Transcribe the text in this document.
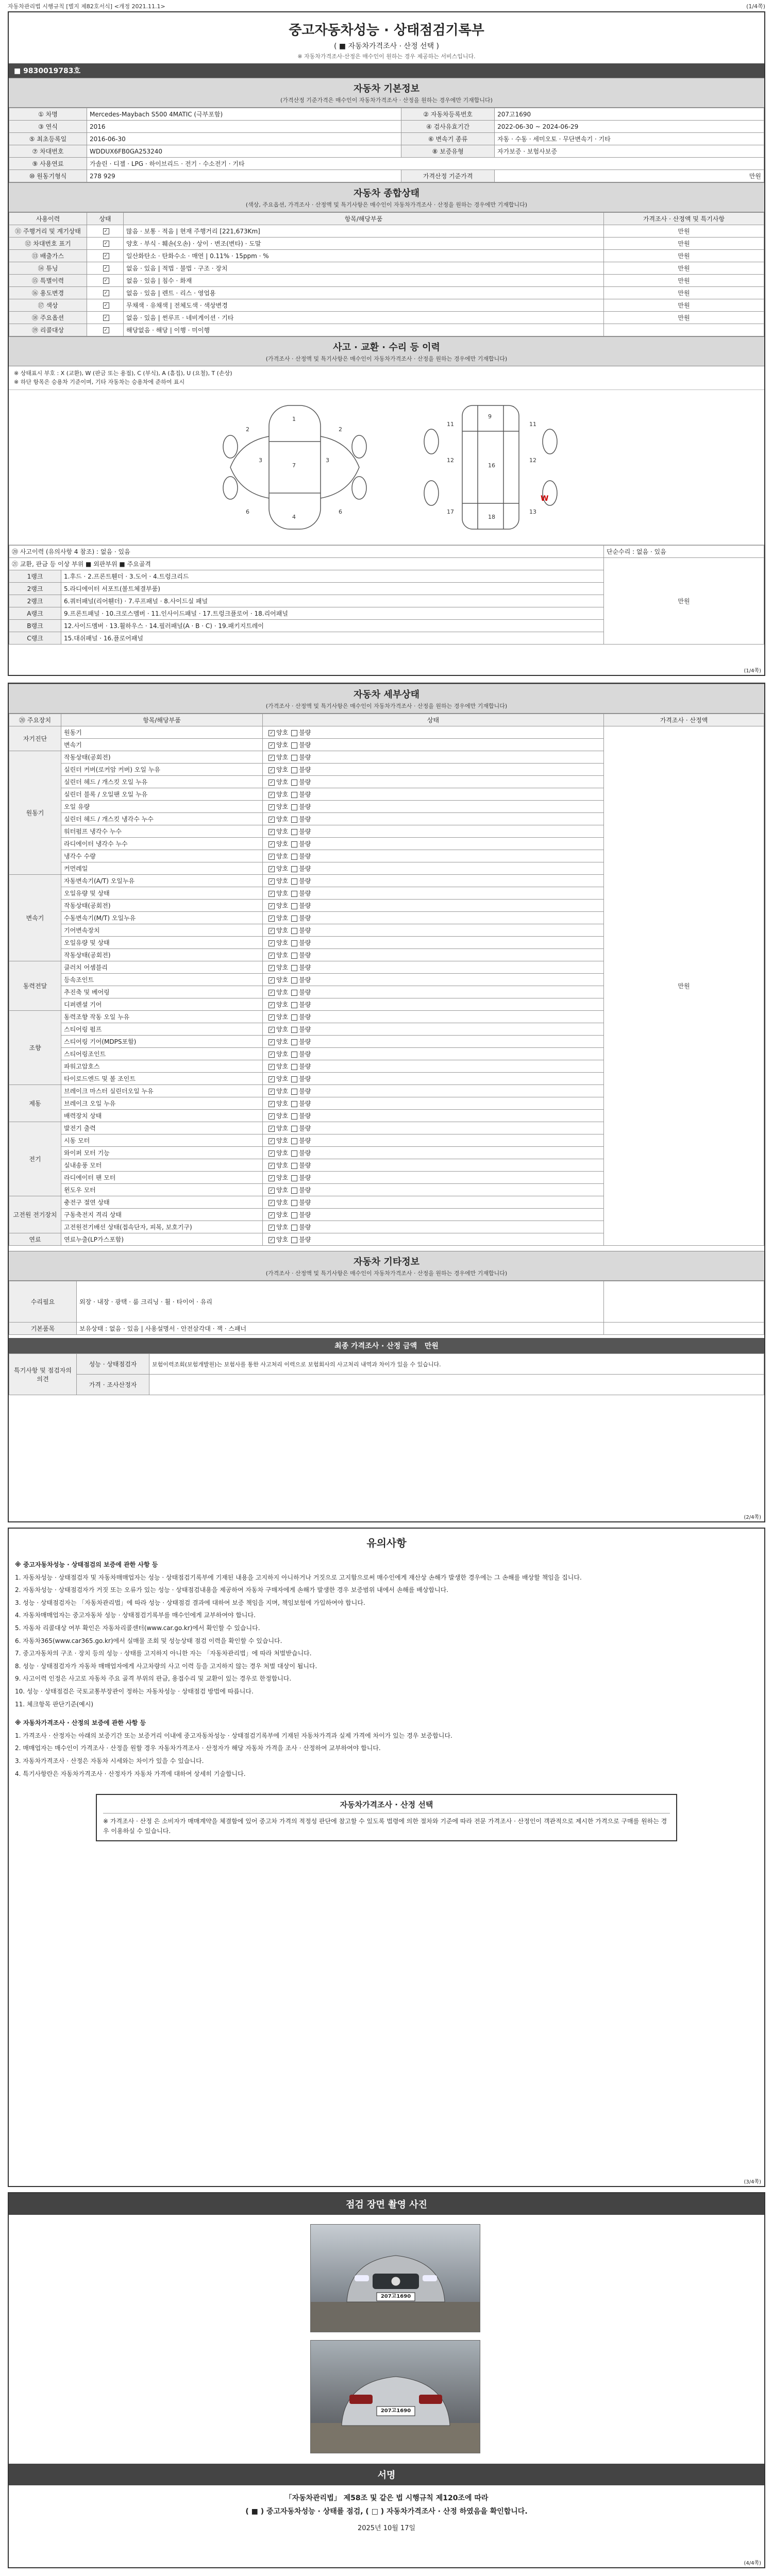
자동차관리법 시행규칙 [별지 제82호서식] <개정 2021.11.1>	(1/4쪽)
중고자동차성능 · 상태점검기록부
( ■ 자동차가격조사 · 산정 선택 )
※ 자동차가격조사·산정은 매수인이 원하는 경우 제공하는 서비스입니다.
■ 9830019783호
자동차 기본정보
(가격산정 기준가격은 매수인이 자동차가격조사 · 산정을 원하는 경우에만 기재합니다)
① 차명	Mercedes-Maybach S500 4MATIC (극부포함)	② 자동차등록번호	207고1690
③ 연식	2016	④ 검사유효기간	2022-06-30 ~ 2024-06-29
⑤ 최초등록일	2016-06-30	⑥ 변속기 종류	자동 · 수동 · 세미오토 · 무단변속기 · 기타
⑦ 차대번호	WDDUX6FB0GA253240	⑧ 보증유형	자가보증 · 보험사보증
⑨ 사용연료	가솔린 · 디젤 · LPG · 하이브리드 · 전기 · 수소전기 · 기타		
⑩ 원동기형식	278 929	가격산정 기준가격	만원
자동차 종합상태
(색상, 주요옵션, 가격조사 · 산정액 및 특기사항은 매수인이 자동차가격조사 · 산정을 원하는 경우에만 기재합니다)
사용이력	상태	항목/해당부품	가격조사 · 산정액 및 특기사항
⑪ 주행거리 및 계기상태	✓	많음 · 보통 · 적음 | 현재 주행거리 [221,673Km]	만원
⑫ 차대번호 표기	✓	양호 · 부식 · 훼손(오손) · 상이 · 변조(변타) · 도말	만원
⑬ 배출가스	✓	일산화탄소 · 탄화수소 · 매연 | 0.11% · 15ppm · %	만원
⑭ 튜닝	✓	없음 · 있음 | 적법 · 불법 · 구조 · 장치	만원
⑮ 특별이력	✓	없음 · 있음 | 침수 · 화재	만원
⑯ 용도변경	✓	없음 · 있음 | 렌트 · 리스 · 영업용	만원
⑰ 색상	✓	무채색 · 유채색 | 전체도색 · 색상변경	만원
⑱ 주요옵션	✓	없음 · 있음 | 썬루프 · 네비게이션 · 기타	만원
⑲ 리콜대상	✓	해당없음 · 해당 | 이행 · 미이행	
사고 · 교환 · 수리 등 이력
(가격조사 · 산정액 및 특기사항은 매수인이 자동차가격조사 · 산정을 원하는 경우에만 기재합니다)
※ 상태표시 부호 : X (교환), W (판금 또는 용접), C (부식), A (흠집), U (요철), T (손상)
※ 하단 항목은 승용차 기준이며, 기타 자동차는 승용차에 준하여 표시
1
2	2
3	3
7
4
6	6
9
11	11
16
12	12
18
17	13
W
⑳ 사고이력 (유의사항 4 참조) : 없음 · 있음		단순수리 : 없음 · 있음
㉑ 교환, 판금 등 이상 부위 ■ 외판부위 ■ 주요골격		만원
1랭크	1.후드 · 2.프론트휀더 · 3.도어 · 4.트렁크리드	
2랭크	5.라디에이터 서포트(볼트체결부품)	
2랭크	6.쿼터패널(리어휀더) · 7.루프패널 · 8.사이드실 패널	
A랭크	9.프론트패널 · 10.크로스멤버 · 11.인사이드패널 · 17.트렁크플로어 · 18.리어패널	
B랭크	12.사이드멤버 · 13.휠하우스 · 14.필러패널(A · B · C) · 19.패키지트레이	
C랭크	15.대쉬패널 · 16.플로어패널	
(1/4쪽)
자동차 세부상태
(가격조사 · 산정액 및 특기사항은 매수인이 자동차가격조사 · 산정을 원하는 경우에만 기재합니다)
⑳ 주요장치	항목/해당부품	상태	가격조사 · 산정액
자기진단	원동기	✓양호 불량	만원
	변속기	✓양호 불량
원동기	작동상태(공회전)	✓양호 불량
	실린더 커버(로커암 커버) 오일 누유	✓양호 불량
	실린더 헤드 / 개스킷 오일 누유	✓양호 불량
	실린더 블록 / 오일팬 오일 누유	✓양호 불량
	오일 유량	✓양호 불량
	실린더 헤드 / 개스킷 냉각수 누수	✓양호 불량
	워터펌프 냉각수 누수	✓양호 불량
	라디에이터 냉각수 누수	✓양호 불량
	냉각수 수량	✓양호 불량
	커먼레일	✓양호 불량
변속기	자동변속기(A/T) 오일누유	✓양호 불량
	오일유량 및 상태	✓양호 불량
	작동상태(공회전)	✓양호 불량
	수동변속기(M/T) 오일누유	✓양호 불량
	기어변속장치	✓양호 불량
	오일유량 및 상태	✓양호 불량
	작동상태(공회전)	✓양호 불량
동력전달	클러치 어셈블리	✓양호 불량
	등속조인트	✓양호 불량
	추진축 및 베어링	✓양호 불량
	디퍼렌셜 기어	✓양호 불량
조향	동력조향 작동 오일 누유	✓양호 불량
	스티어링 펌프	✓양호 불량
	스티어링 기어(MDPS포함)	✓양호 불량
	스티어링조인트	✓양호 불량
	파워고압호스	✓양호 불량
	타이로드엔드 및 볼 조인트	✓양호 불량
제동	브레이크 마스터 실린더오일 누유	✓양호 불량
	브레이크 오일 누유	✓양호 불량
	배력장치 상태	✓양호 불량
전기	발전기 출력	✓양호 불량
	시동 모터	✓양호 불량
	와이퍼 모터 기능	✓양호 불량
	실내송풍 모터	✓양호 불량
	라디에이터 팬 모터	✓양호 불량
	윈도우 모터	✓양호 불량
고전원 전기장치	충전구 절연 상태	✓양호 불량
	구동축전지 격리 상태	✓양호 불량
	고전원전기배선 상태(접속단자, 피복, 보호기구)	✓양호 불량
연료	연료누출(LP가스포함)	✓양호 불량
자동차 기타정보
(가격조사 · 산정액 및 특기사항은 매수인이 자동차가격조사 · 산정을 원하는 경우에만 기재합니다)
수리필요	외장 · 내장 · 광택 · 룸 크리닝 · 휠 · 타이어 · 유리	
기본품목	보유상태 : 없음 · 있음 | 사용설명서 · 안전삼각대 · 잭 · 스패너	
최종 가격조사 · 산정 금액 만원
특기사항 및 점검자의 의견	성능 · 상태점검자	보험이력조회(보험개발원)는 보험사를 통한 사고처리 이력으로 보험회사의 사고처리 내역과 차이가 있을 수 있습니다.
	가격 · 조사산정자	
(2/4쪽)
유의사항

※ 중고자동차성능 · 상태점검의 보증에 관한 사항 등

1. 자동차성능 · 상태점검자 및 자동차매매업자는 성능 · 상태점검기록부에 기재된 내용을 고지하지 아니하거나 거짓으로 고지함으로써 매수인에게 재산상 손해가 발생한 경우에는 그 손해를 배상할 책임을 집니다.

2. 자동차성능 · 상태점검자가 거짓 또는 오류가 있는 성능 · 상태점검내용을 제공하여 자동차 구매자에게 손해가 발생한 경우 보증범위 내에서 손해를 배상합니다.

3. 성능 · 상태점검자는 「자동차관리법」에 따라 성능 · 상태점검 결과에 대하여 보증 책임을 지며, 책임보험에 가입하여야 합니다.

4. 자동차매매업자는 중고자동차 성능 · 상태점검기록부를 매수인에게 교부하여야 합니다.

5. 자동차 리콜대상 여부 확인은 자동차리콜센터(www.car.go.kr)에서 확인할 수 있습니다.

6. 자동차365(www.car365.go.kr)에서 실매물 조회 및 성능상태 점검 이력을 확인할 수 있습니다.

7. 중고자동차의 구조 · 장치 등의 성능 · 상태를 고지하지 아니한 자는 「자동차관리법」에 따라 처벌받습니다.

8. 성능 · 상태점검자가 자동차 매매업자에게 사고차량의 사고 이력 등을 고지하지 않는 경우 처벌 대상이 됩니다.

9. 사고이력 인정은 사고로 자동차 주요 골격 부위의 판금, 용접수리 및 교환이 있는 경우로 한정합니다.

10. 성능 · 상태점검은 국토교통부장관이 정하는 자동차성능 · 상태점검 방법에 따릅니다.

11. 체크항목 판단기준(예시)

※ 자동차가격조사 · 산정의 보증에 관한 사항 등

1. 가격조사 · 산정자는 아래의 보증기간 또는 보증거리 이내에 중고자동차성능 · 상태점검기록부에 기재된 자동차가격과 실제 가격에 차이가 있는 경우 보증합니다.

2. 매매업자는 매수인이 가격조사 · 산정을 원할 경우 자동차가격조사 · 산정자가 해당 자동차 가격을 조사 · 산정하여 교부하여야 합니다.

3. 자동차가격조사 · 산정은 자동차 시세와는 차이가 있을 수 있습니다.

4. 특기사항란은 자동차가격조사 · 산정자가 자동차 가격에 대하여 상세히 기술합니다.

자동차가격조사 · 산정 선택
※ 가격조사 · 산정 은 소비자가 매매계약을 체결함에 있어 중고차 가격의 적정성 판단에 참고할 수 있도록 법령에 의한 절차와 기준에 따라 전문 가격조사 · 산정인이 객관적으로 제시한 가격으로 구매를 원하는 경우 이용하실 수 있습니다.
(3/4쪽)
점검 장면 촬영 사진
207고1690
207고1690
서명
「자동차관리법」 제58조 및 같은 법 시행규칙 제120조에 따라
( ■ ) 중고자동차성능 · 상태를 점검, ( □ ) 자동차가격조사 · 산정 하였음을 확인합니다.
2025년 10월 17일
(4/4쪽)
